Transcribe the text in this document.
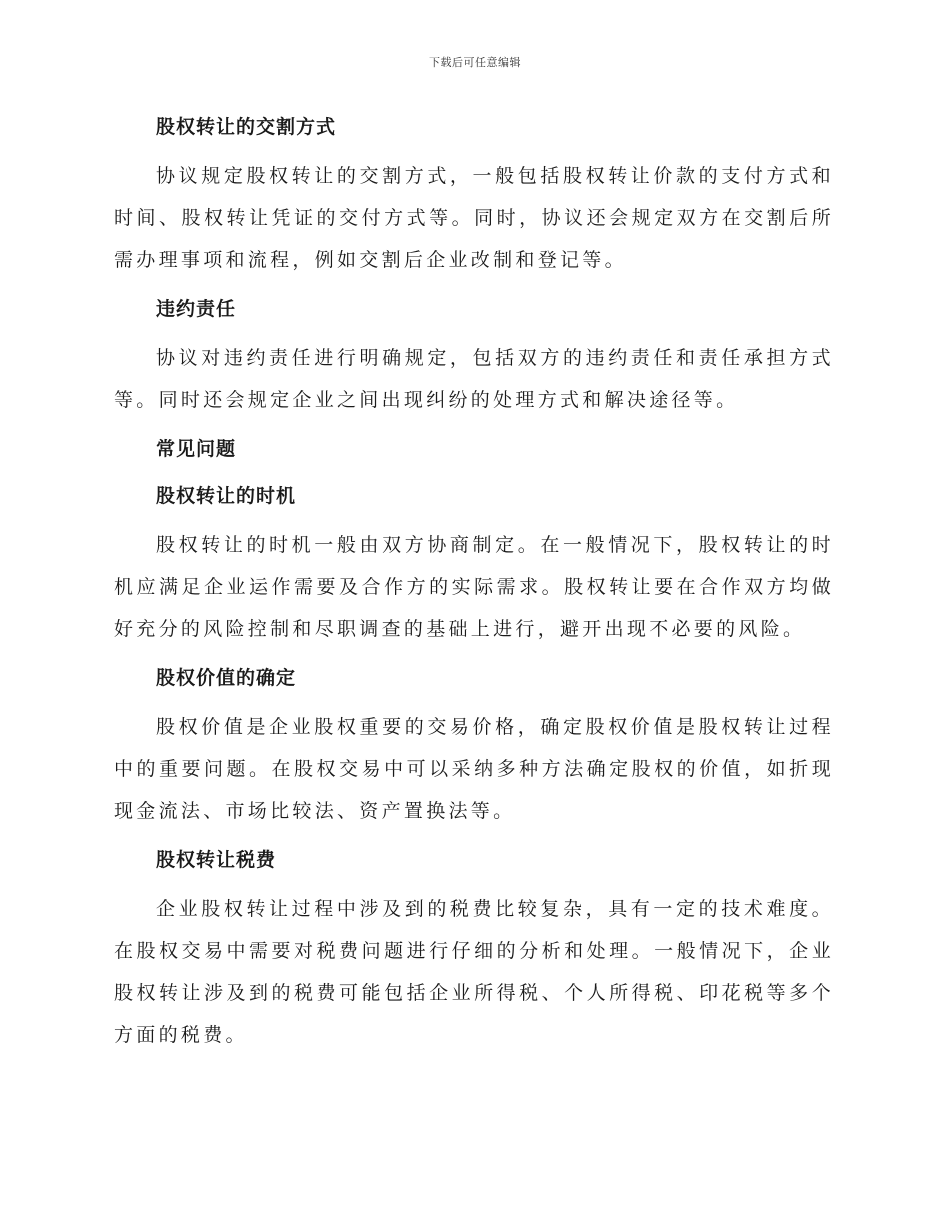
下载后可任意编辑
股权转让的交割方式
协议规定股权转让的交割方式，一般包括股权转让价款的支付方式和时间、股权转让凭证的交付方式等。同时，协议还会规定双方在交割后所需办理事项和流程，例如交割后企业改制和登记等。
违约责任
协议对违约责任进行明确规定，包括双方的违约责任和责任承担方式等。同时还会规定企业之间出现纠纷的处理方式和解决途径等。
常见问题
股权转让的时机
股权转让的时机一般由双方协商制定。在一般情况下，股权转让的时机应满足企业运作需要及合作方的实际需求。股权转让要在合作双方均做好充分的风险控制和尽职调查的基础上进行，避开出现不必要的风险。
股权价值的确定
股权价值是企业股权重要的交易价格，确定股权价值是股权转让过程中的重要问题。在股权交易中可以采纳多种方法确定股权的价值，如折现现金流法、市场比较法、资产置换法等。
股权转让税费
企业股权转让过程中涉及到的税费比较复杂，具有一定的技术难度。在股权交易中需要对税费问题进行仔细的分析和处理。一般情况下，企业股权转让涉及到的税费可能包括企业所得税、个人所得税、印花税等多个方面的税费。
